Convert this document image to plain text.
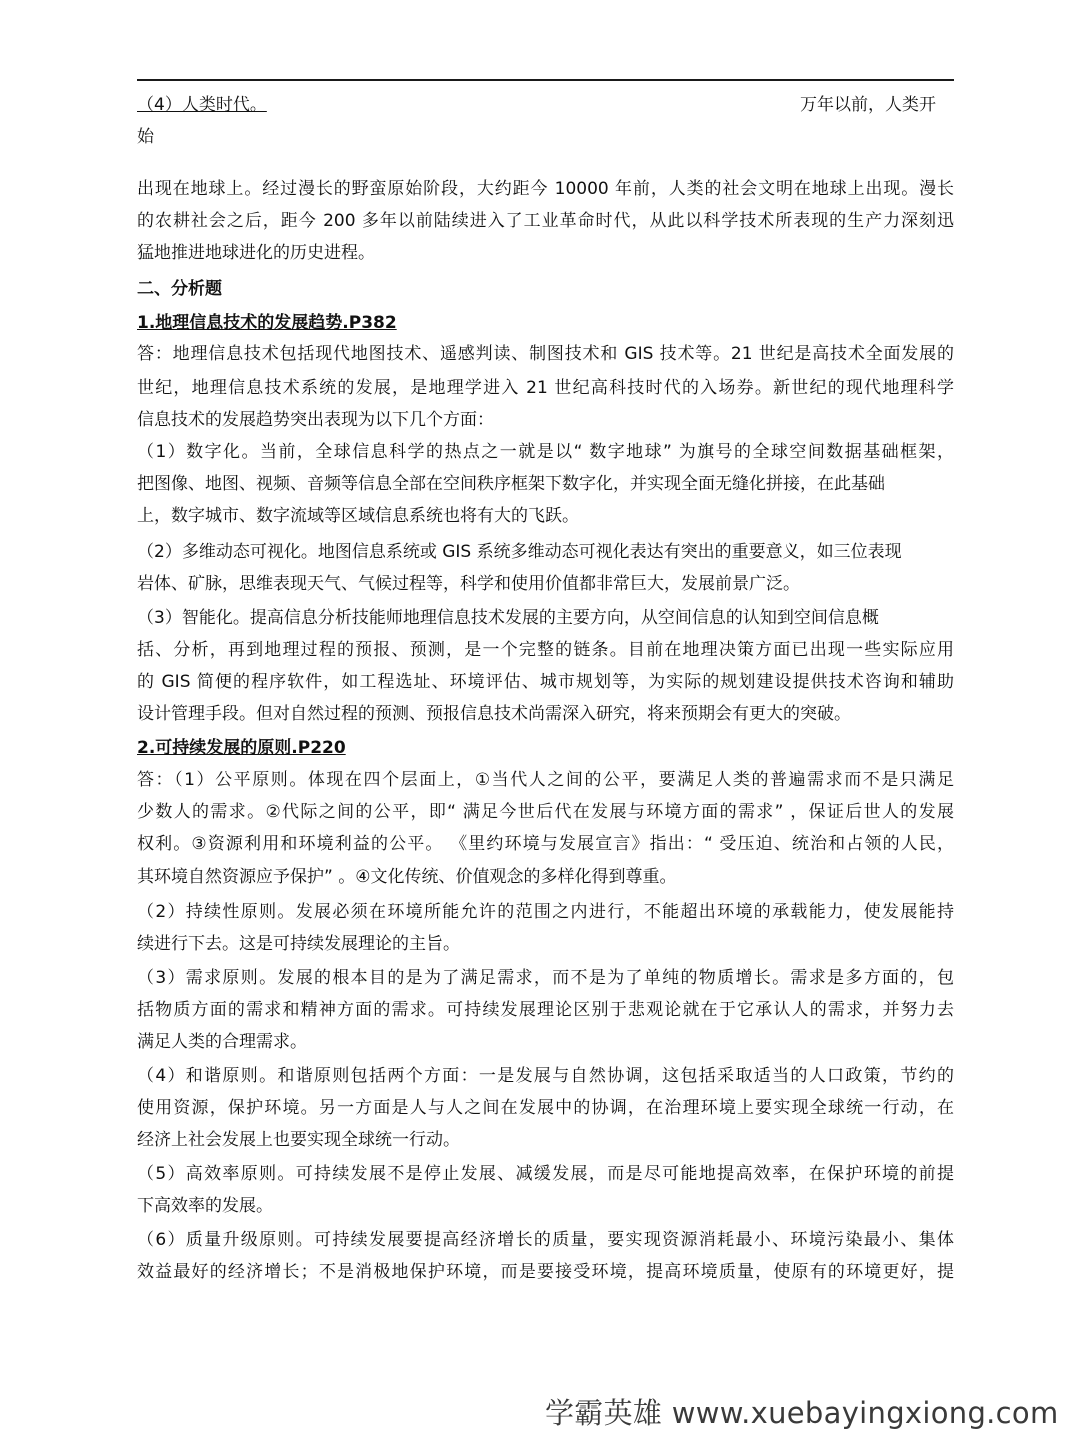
（4）人类时代。	万年以前，人类开
始
出现在地球上。经过漫长的野蛮原始阶段，大约距今 10000 年前，人类的社会文明在地球上出现。漫长
的农耕社会之后，距今 200 多年以前陆续进入了工业革命时代，从此以科学技术所表现的生产力深刻迅
猛地推进地球进化的历史进程。
二、分析题
1.地理信息技术的发展趋势.P382
答：地理信息技术包括现代地图技术、遥感判读、制图技术和 GIS 技术等。21 世纪是高技术全面发展的
世纪，地理信息技术系统的发展，是地理学进入 21 世纪高科技时代的入场券。新世纪的现代地理科学
信息技术的发展趋势突出表现为以下几个方面：
（1）数字化。当前，全球信息科学的热点之一就是以“ 数字地球” 为旗号的全球空间数据基础框架，
把图像、地图、视频、音频等信息全部在空间秩序框架下数字化，并实现全面无缝化拼接，在此基础
上，数字城市、数字流域等区域信息系统也将有大的飞跃。
（2）多维动态可视化。地图信息系统或 GIS 系统多维动态可视化表达有突出的重要意义，如三位表现
岩体、矿脉，思维表现天气、气候过程等，科学和使用价值都非常巨大，发展前景广泛。
（3）智能化。提高信息分析技能师地理信息技术发展的主要方向，从空间信息的认知到空间信息概
括、分析，再到地理过程的预报、预测，是一个完整的链条。目前在地理决策方面已出现一些实际应用
的 GIS 简便的程序软件，如工程选址、环境评估、城市规划等，为实际的规划建设提供技术咨询和辅助
设计管理手段。但对自然过程的预测、预报信息技术尚需深入研究，将来预期会有更大的突破。
2.可持续发展的原则.P220
答：（1）公平原则。体现在四个层面上，①当代人之间的公平，要满足人类的普遍需求而不是只满足
少数人的需求。②代际之间的公平，即“ 满足今世后代在发展与环境方面的需求” ，保证后世人的发展
权利。③资源利用和环境利益的公平。 《里约环境与发展宣言》指出：“ 受压迫、统治和占领的人民，
其环境自然资源应予保护” 。④文化传统、价值观念的多样化得到尊重。
（2）持续性原则。发展必须在环境所能允许的范围之内进行，不能超出环境的承载能力，使发展能持
续进行下去。这是可持续发展理论的主旨。
（3）需求原则。发展的根本目的是为了满足需求，而不是为了单纯的物质增长。需求是多方面的，包
括物质方面的需求和精神方面的需求。可持续发展理论区别于悲观论就在于它承认人的需求，并努力去
满足人类的合理需求。
（4）和谐原则。和谐原则包括两个方面：一是发展与自然协调，这包括采取适当的人口政策，节约的
使用资源，保护环境。另一方面是人与人之间在发展中的协调，在治理环境上要实现全球统一行动，在
经济上社会发展上也要实现全球统一行动。
（5）高效率原则。可持续发展不是停止发展、减缓发展，而是尽可能地提高效率，在保护环境的前提
下高效率的发展。
（6）质量升级原则。可持续发展要提高经济增长的质量，要实现资源消耗最小、环境污染最小、集体
效益最好的经济增长；不是消极地保护环境，而是要接受环境，提高环境质量，使原有的环境更好，提
学霸英雄 www.xuebayingxiong.com
